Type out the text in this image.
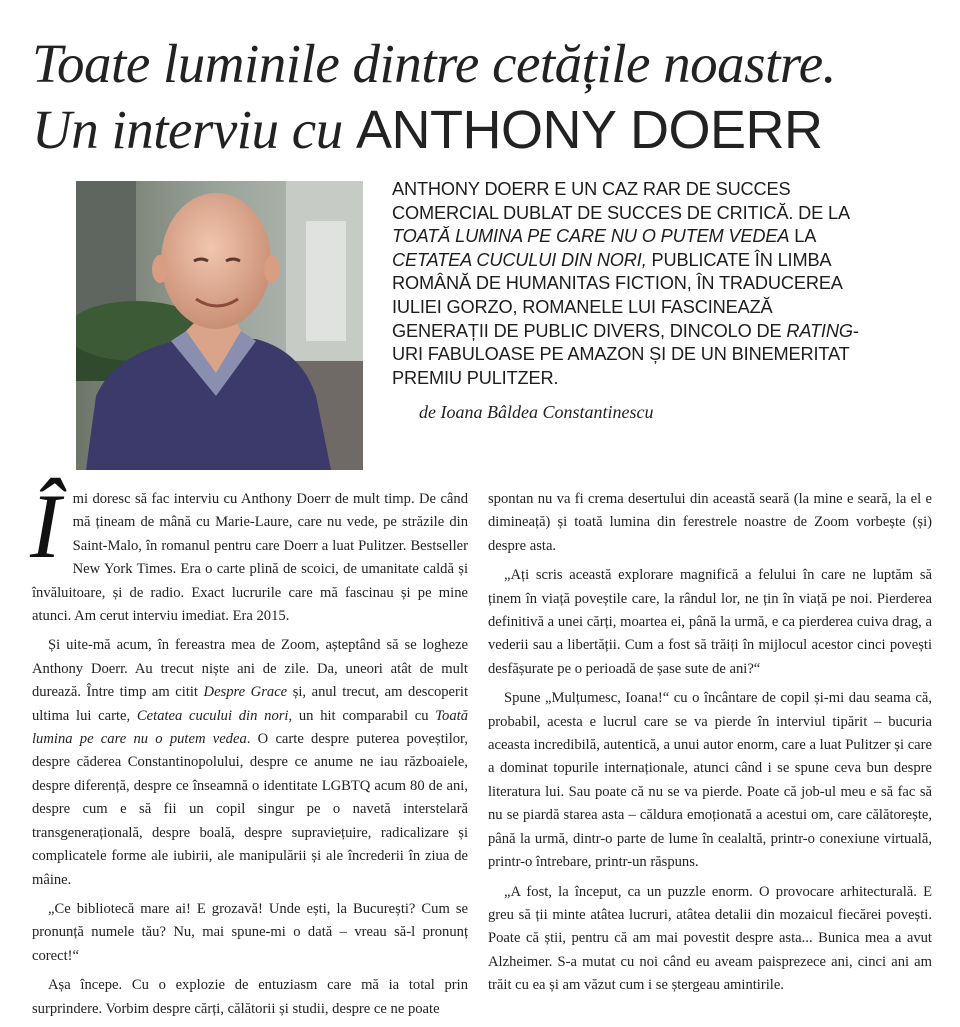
Toate luminile dintre cetățile noastre.
Un interviu cu ANTHONY DOERR

ANTHONY DOERR E UN CAZ RAR DE SUCCES COMERCIAL DUBLAT DE SUCCES DE CRITICĂ. DE LA TOATĂ LUMINA PE CARE NU O PUTEM VEDEA LA CETATEA CUCULUI DIN NORI, PUBLICATE ÎN LIMBA ROMÂNĂ DE HUMANITAS FICTION, ÎN TRADUCEREA IULIEI GORZO, ROMANELE LUI FASCINEAZĂ GENERAȚII DE PUBLIC DIVERS, DINCOLO DE RATING-URI FABULOASE PE AMAZON ȘI DE UN BINEMERITAT PREMIU PULITZER.

de Ioana Bâldea Constantinescu

Îmi doresc să fac interviu cu Anthony Doerr de mult timp. De când mă țineam de mână cu Marie-Laure, care nu vede, pe străzile din Saint-Malo, în romanul pentru care Doerr a luat Pulitzer. Bestseller New York Times. Era o carte plină de scoici, de umanitate caldă și învăluitoare, și de radio. Exact lucrurile care mă fascinau și pe mine atunci. Am cerut interviu imediat. Era 2015.

Și uite-mă acum, în fereastra mea de Zoom, așteptând să se logheze Anthony Doerr. Au trecut niște ani de zile. Da, uneori atât de mult durează. Între timp am citit Despre Grace și, anul trecut, am descoperit ultima lui carte, Cetatea cucului din nori, un hit comparabil cu Toată lumina pe care nu o putem vedea. O carte despre puterea poveștilor, despre căderea Constantinopolului, despre ce anume ne iau războaiele, despre diferență, despre ce înseamnă o identitate LGBTQ acum 80 de ani, despre cum e să fii un copil singur pe o navetă interstelară transgenerațională, despre boală, despre supraviețuire, radicalizare și complicatele forme ale iubirii, ale manipulării și ale încrederii în ziua de mâine.

„Ce bibliotecă mare ai! E grozavă! Unde ești, la București? Cum se pronunță numele tău? Nu, mai spune-mi o dată – vreau să-l pronunț corect!“

Așa începe. Cu o explozie de entuziasm care mă ia total prin surprindere. Vorbim despre cărți, călătorii și studii, despre ce ne poate

spontan nu va fi crema desertului din această seară (la mine e seară, la el e dimineață) și toată lumina din ferestrele noastre de Zoom vorbește (și) despre asta.

„Ați scris această explorare magnifică a felului în care ne luptăm să ținem în viață poveștile care, la rândul lor, ne țin în viață pe noi. Pierderea definitivă a unei cărți, moartea ei, până la urmă, e ca pierderea cuiva drag, a vederii sau a libertății. Cum a fost să trăiți în mijlocul acestor cinci povești desfășurate pe o perioadă de șase sute de ani?“

Spune „Mulțumesc, Ioana!“ cu o încântare de copil și-mi dau seama că, probabil, acesta e lucrul care se va pierde în interviul tipărit – bucuria aceasta incredibilă, autentică, a unui autor enorm, care a luat Pulitzer și care a dominat topurile internaționale, atunci când i se spune ceva bun despre literatura lui. Sau poate că nu se va pierde. Poate că job-ul meu e să fac să nu se piardă starea asta – căldura emoționată a acestui om, care călătorește, până la urmă, dintr-o parte de lume în cealaltă, printr-o conexiune virtuală, printr-o întrebare, printr-un răspuns.

„A fost, la început, ca un puzzle enorm. O provocare arhitecturală. E greu să ții minte atâtea lucruri, atâtea detalii din mozaicul fiecărei povești. Poate că știi, pentru că am mai povestit despre asta... Bunica mea a avut Alzheimer. S-a mutat cu noi când eu aveam paisprezece ani, cinci ani am trăit cu ea și am văzut cum i se ștergeau amintirile.
